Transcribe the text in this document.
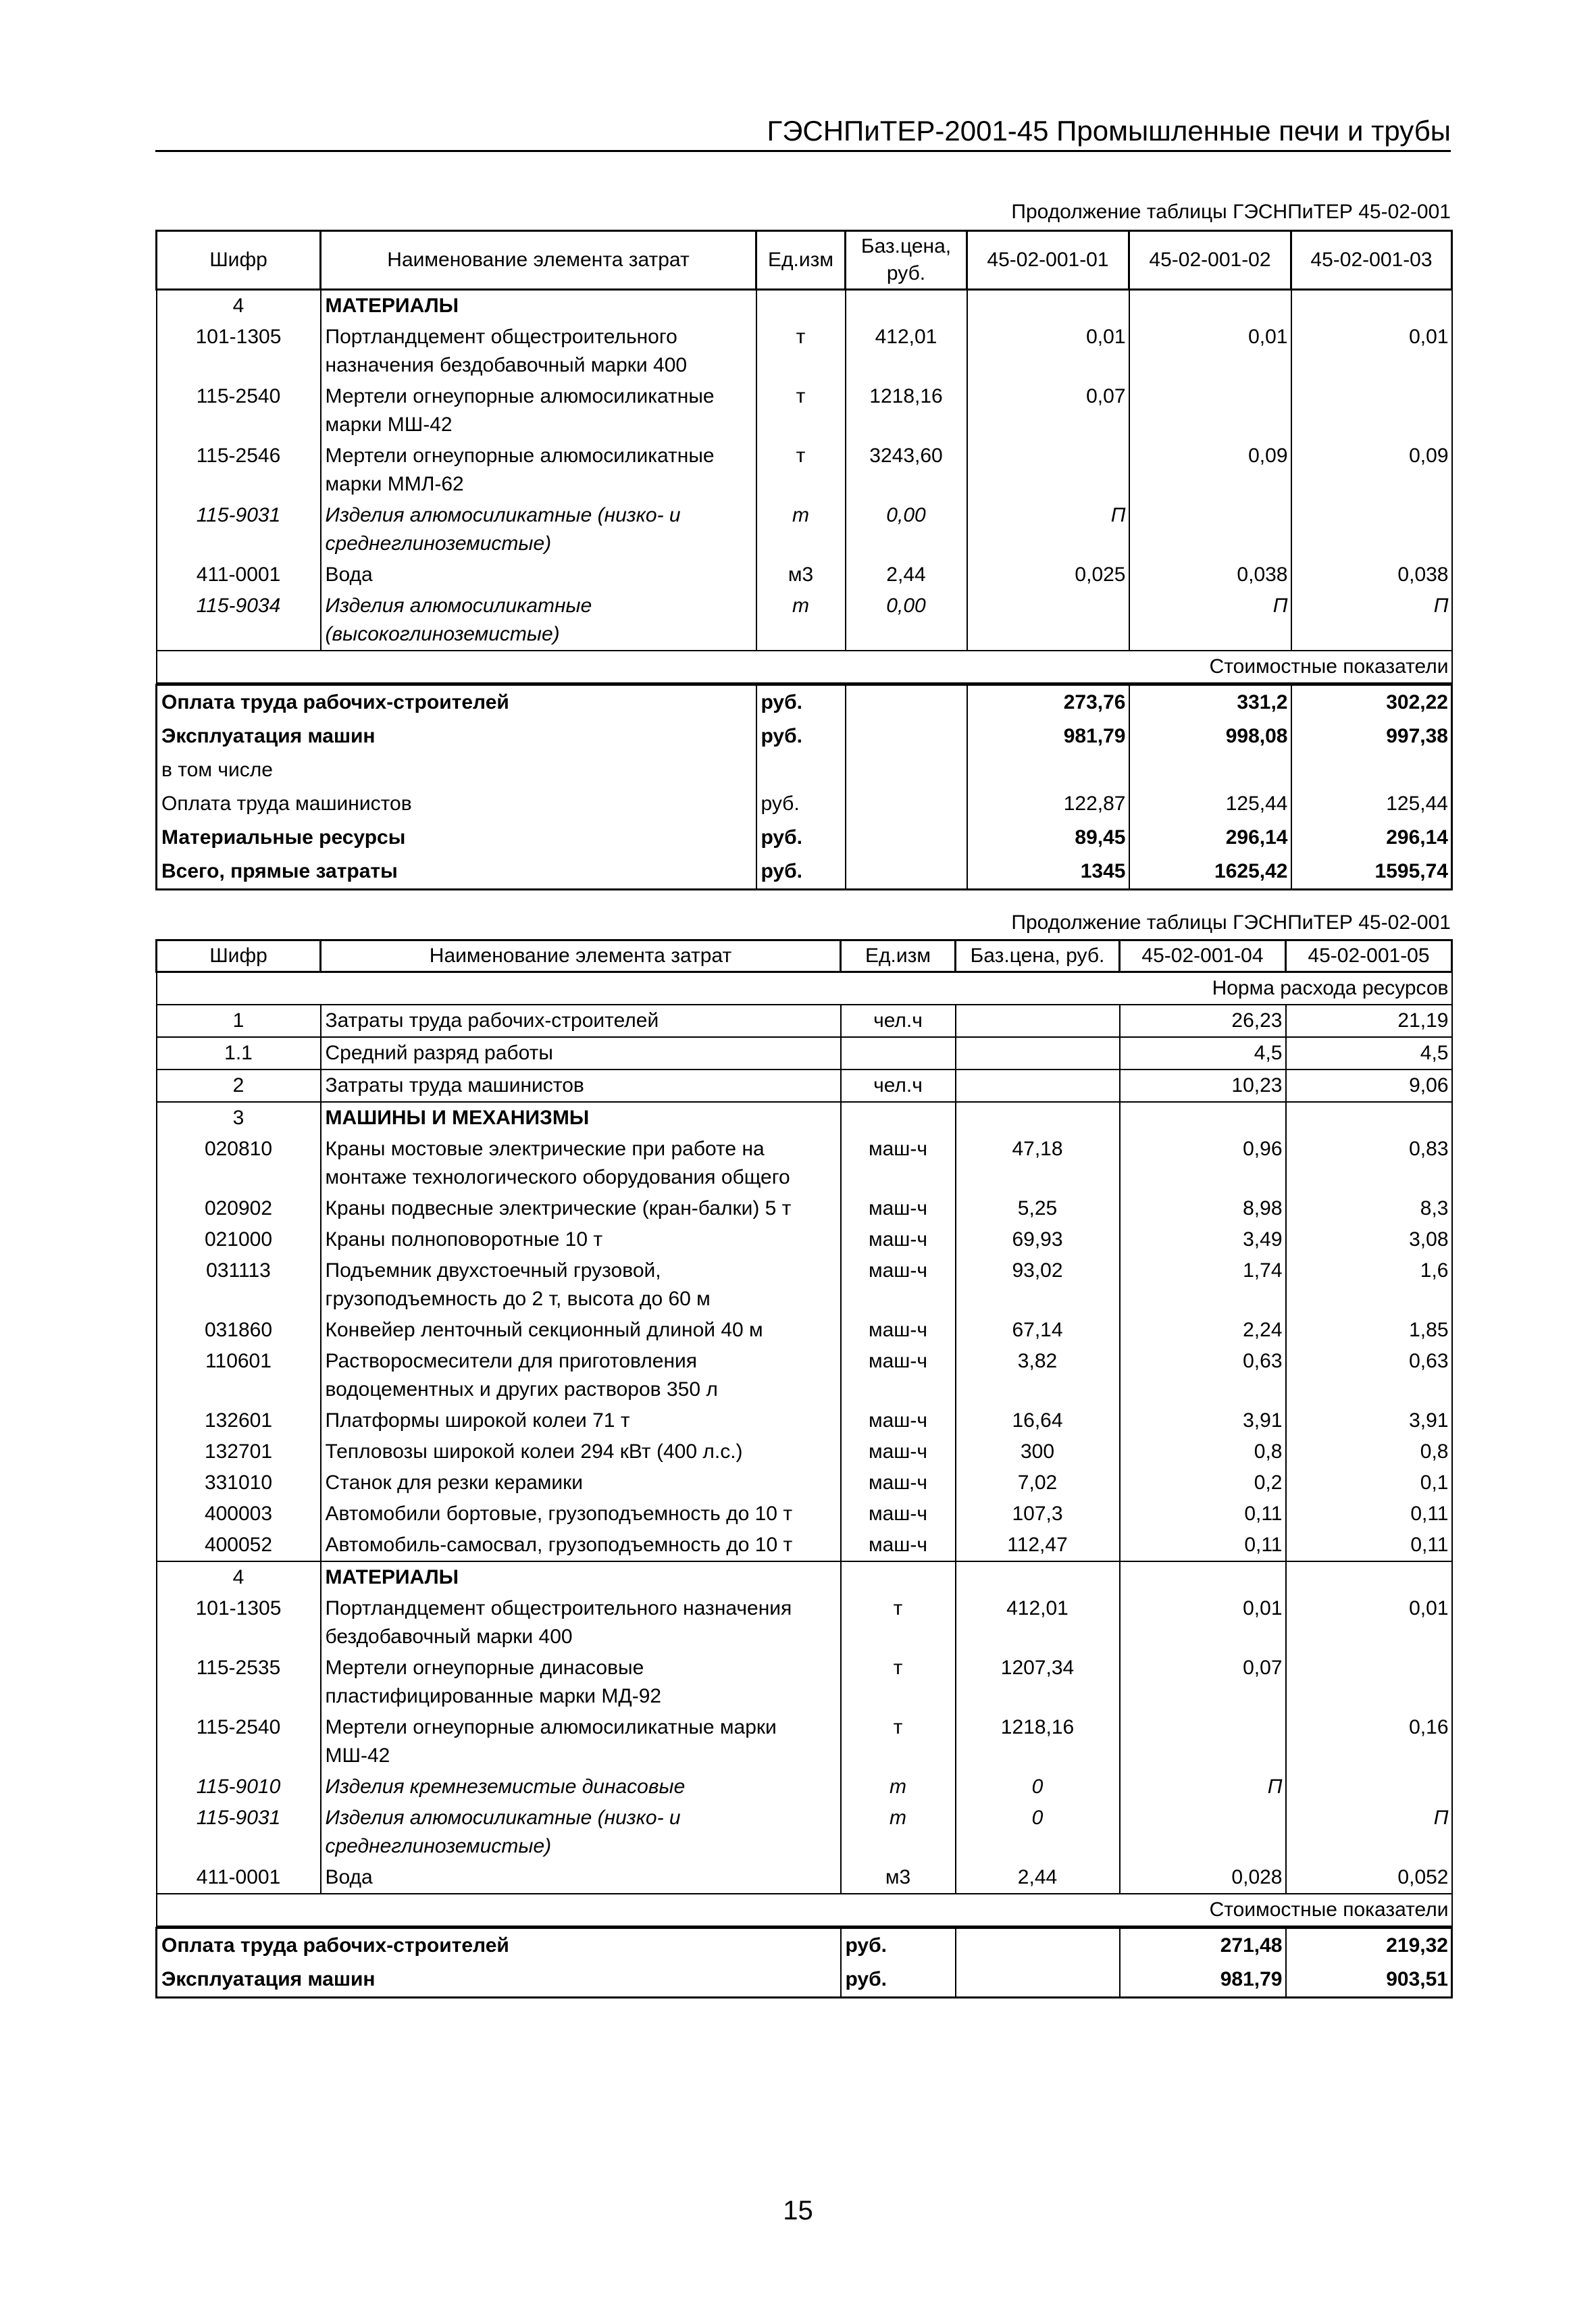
ГЭСНПиТЕР-2001-45 Промышленные печи и трубы
Продолжение таблицы ГЭСНПиТЕР 45-02-001
Шифр	Наименование элемента затрат	Ед.изм	Баз.цена, руб.	45-02-001-01	45-02-001-02	45-02-001-03
4	МАТЕРИАЛЫ					
101-1305	Портландцемент общестроительного назначения бездобавочный марки 400	т	412,01	0,01	0,01	0,01
115-2540	Мертели огнеупорные алюмосиликатные марки МШ-42	т	1218,16	0,07		
115-2546	Мертели огнеупорные алюмосиликатные марки ММЛ-62	т	3243,60		0,09	0,09
115-9031	Изделия алюмосиликатные (низко- и среднеглиноземистые)	т	0,00	П		
411-0001	Вода	м3	2,44	0,025	0,038	0,038
115-9034	Изделия алюмосиликатные (высокоглиноземистые)	т	0,00		П	П
Стоимостные показатели						
Оплата труда рабочих-строителей	руб.		273,76	331,2	302,22
Эксплуатация машин	руб.		981,79	998,08	997,38
в том числе					
Оплата труда машинистов	руб.		122,87	125,44	125,44
Материальные ресурсы	руб.		89,45	296,14	296,14
Всего, прямые затраты	руб.		1345	1625,42	1595,74
Продолжение таблицы ГЭСНПиТЕР 45-02-001
Шифр	Наименование элемента затрат	Ед.изм	Баз.цена, руб.	45-02-001-04	45-02-001-05
Норма расхода ресурсов					
1	Затраты труда рабочих-строителей	чел.ч		26,23	21,19
1.1	Средний разряд работы			4,5	4,5
2	Затраты труда машинистов	чел.ч		10,23	9,06
3	МАШИНЫ И МЕХАНИЗМЫ				
020810	Краны мостовые электрические при работе на монтаже технологического оборудования общего	маш-ч	47,18	0,96	0,83
020902	Краны подвесные электрические (кран-балки) 5 т	маш-ч	5,25	8,98	8,3
021000	Краны полноповоротные 10 т	маш-ч	69,93	3,49	3,08
031113	Подъемник двухстоечный грузовой, грузоподъемность до 2 т, высота до 60 м	маш-ч	93,02	1,74	1,6
031860	Конвейер ленточный секционный длиной 40 м	маш-ч	67,14	2,24	1,85
110601	Растворосмесители для приготовления водоцементных и других растворов 350 л	маш-ч	3,82	0,63	0,63
132601	Платформы широкой колеи 71 т	маш-ч	16,64	3,91	3,91
132701	Тепловозы широкой колеи 294 кВт (400 л.с.)	маш-ч	300	0,8	0,8
331010	Станок для резки керамики	маш-ч	7,02	0,2	0,1
400003	Автомобили бортовые, грузоподъемность до 10 т	маш-ч	107,3	0,11	0,11
400052	Автомобиль-самосвал, грузоподъемность до 10 т	маш-ч	112,47	0,11	0,11
4	МАТЕРИАЛЫ				
101-1305	Портландцемент общестроительного назначения бездобавочный марки 400	т	412,01	0,01	0,01
115-2535	Мертели огнеупорные динасовые пластифицированные марки МД-92	т	1207,34	0,07	
115-2540	Мертели огнеупорные алюмосиликатные марки МШ-42	т	1218,16		0,16
115-9010	Изделия кремнеземистые динасовые	т	0	П	
115-9031	Изделия алюмосиликатные (низко- и среднеглиноземистые)	т	0		П
411-0001	Вода	м3	2,44	0,028	0,052
Стоимостные показатели					
Оплата труда рабочих-строителей	руб.		271,48	219,32
Эксплуатация машин	руб.		981,79	903,51
15
